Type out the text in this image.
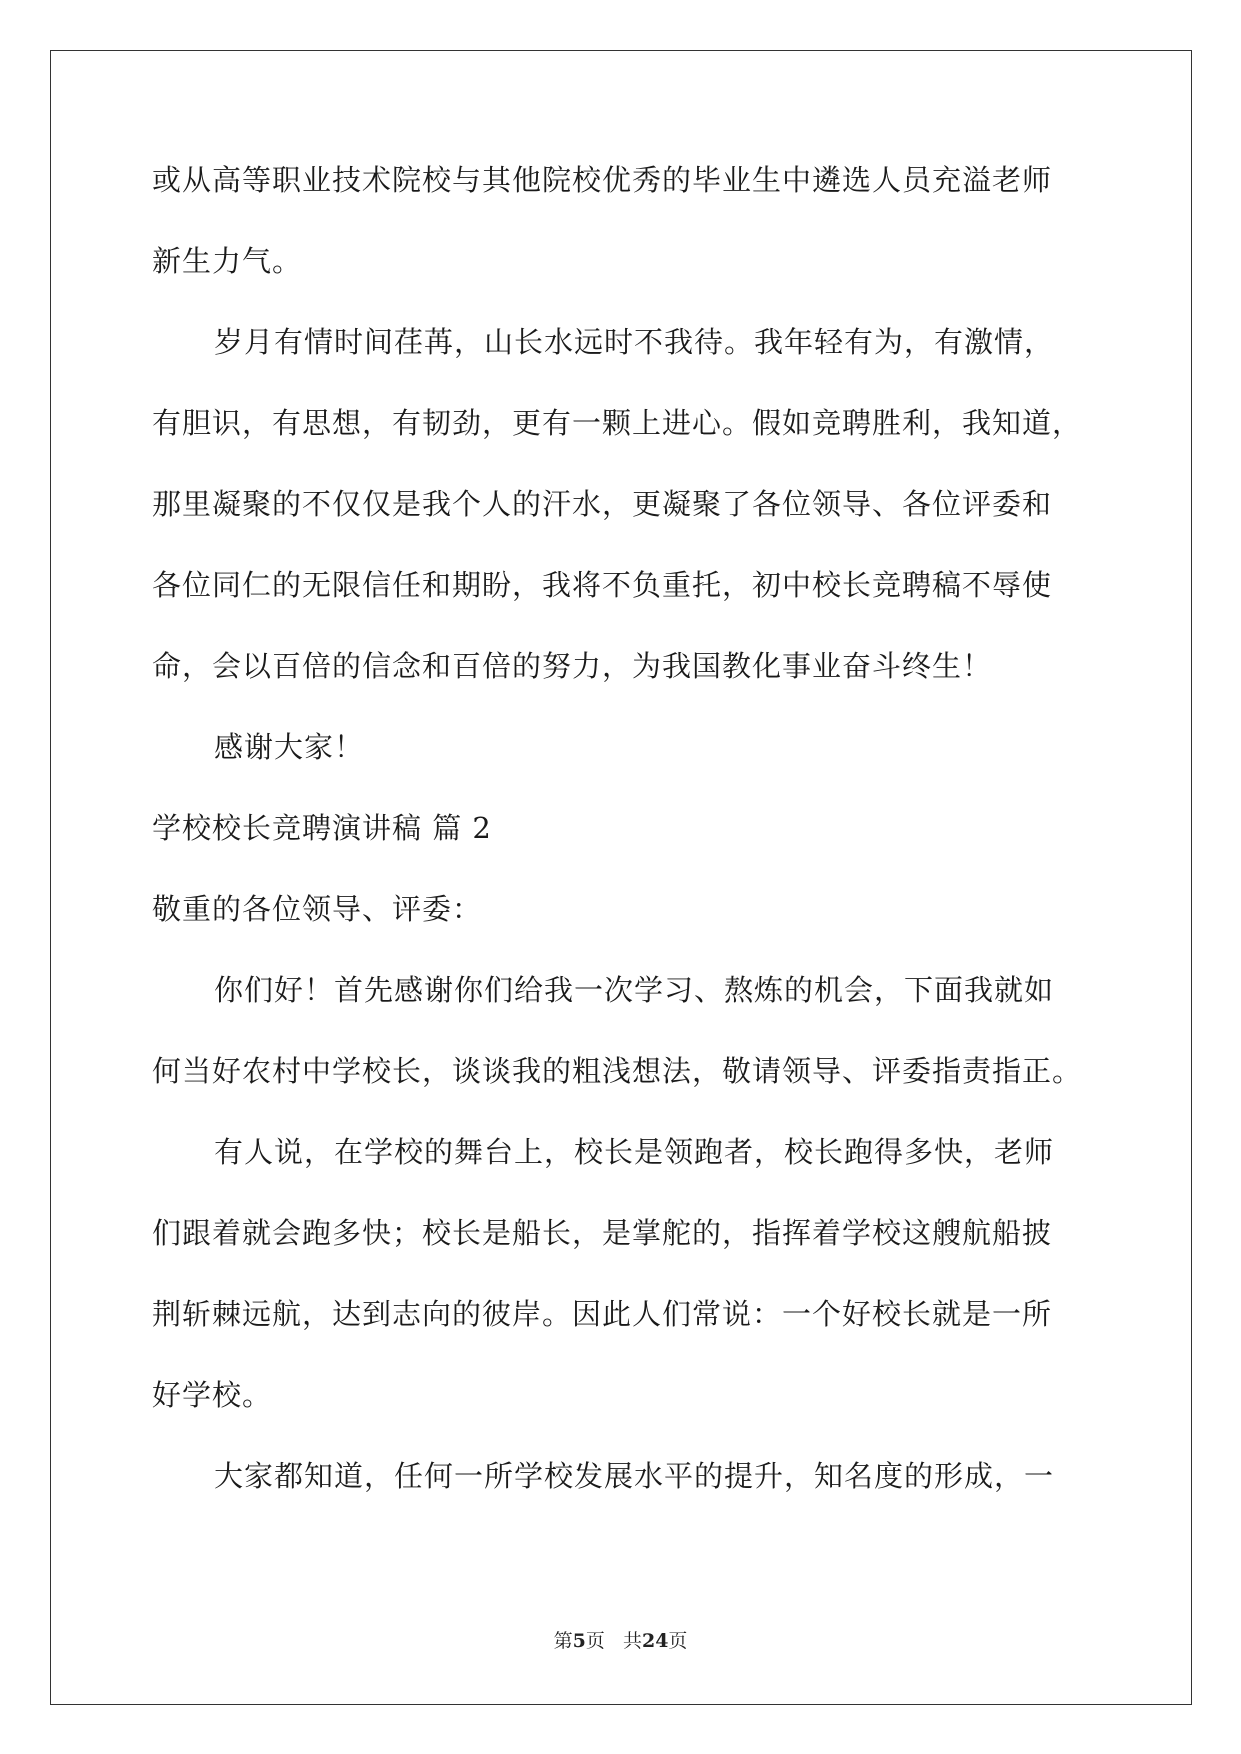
或从高等职业技术院校与其他院校优秀的毕业生中遴选人员充溢老师
新生力气。
岁月有情时间荏苒，山长水远时不我待。我年轻有为，有激情，
有胆识，有思想，有韧劲，更有一颗上进心。假如竞聘胜利，我知道，
那里凝聚的不仅仅是我个人的汗水，更凝聚了各位领导、各位评委和
各位同仁的无限信任和期盼，我将不负重托，初中校长竞聘稿不辱使
命，会以百倍的信念和百倍的努力，为我国教化事业奋斗终生！
感谢大家！
学校校长竞聘演讲稿 篇 2
敬重的各位领导、评委：
你们好！首先感谢你们给我一次学习、熬炼的机会，下面我就如
何当好农村中学校长，谈谈我的粗浅想法，敬请领导、评委指责指正。
有人说，在学校的舞台上，校长是领跑者，校长跑得多快，老师
们跟着就会跑多快；校长是船长，是掌舵的，指挥着学校这艘航船披
荆斩棘远航，达到志向的彼岸。因此人们常说：一个好校长就是一所
好学校。
大家都知道，任何一所学校发展水平的提升，知名度的形成，一
第5页 共24页
